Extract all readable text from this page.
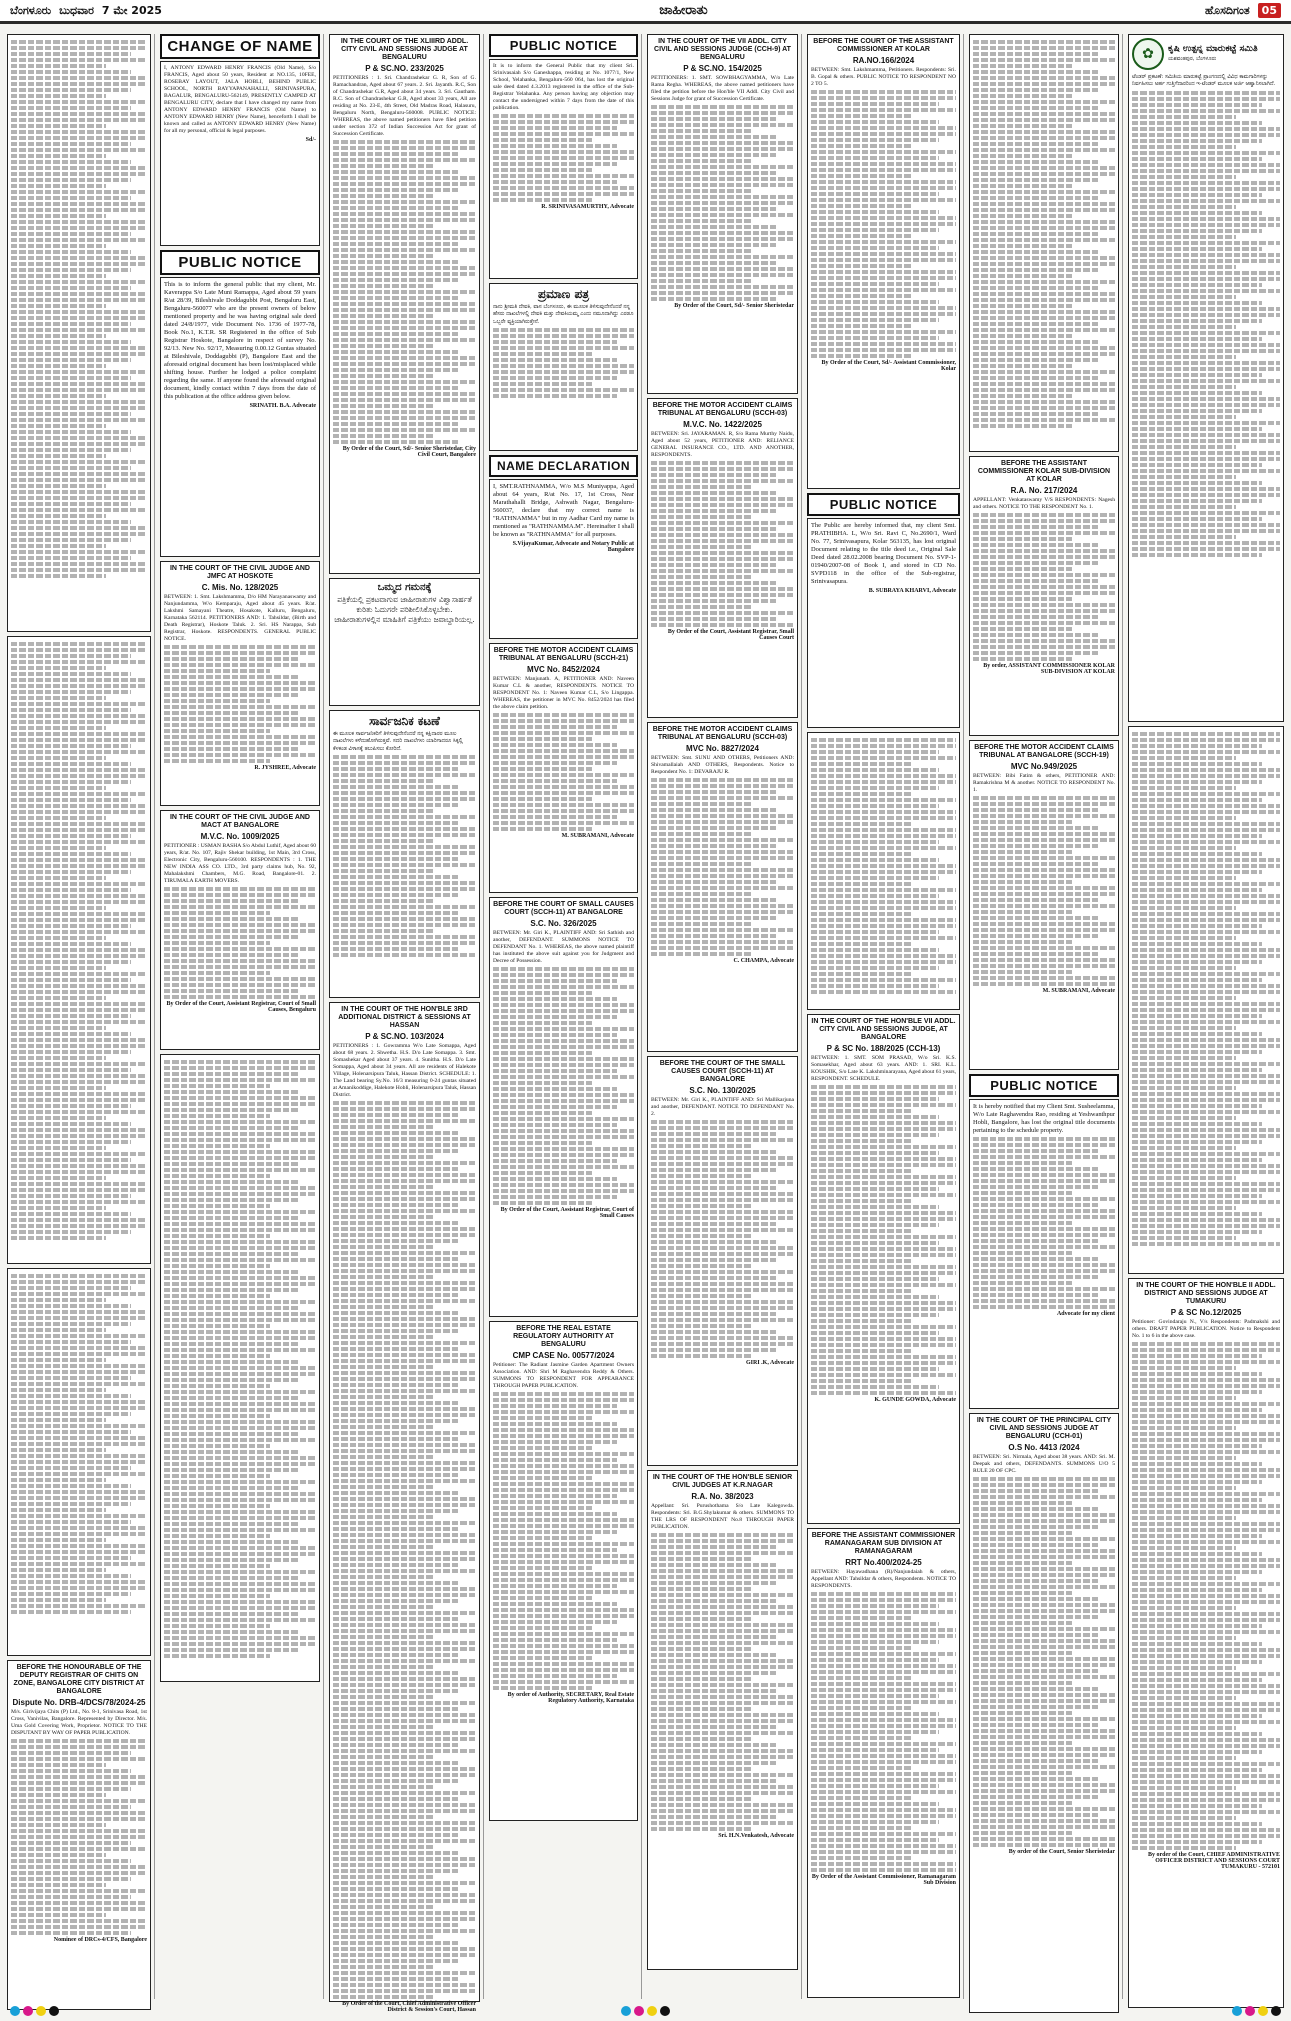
ಬೆಂಗಳೂರು ಬುಧವಾರ 7 ಮೇ 2025	ಜಾಹೀರಾತು	ಹೊಸದಿಗಂತ	05
BEFORE THE HONOURABLE OF THE DEPUTY REGISTRAR OF CHITS ON ZONE, BANGALORE CITY DISTRICT AT BANGALORE
Dispute No. DRB-4/DCS/78/2024-25

M/s. Girivijaya Chits (P) Ltd., No. 8-1, Srinivasa Road, 1st Cross, Vanivilas, Bangalore. Represented by Director. M/s. Uma Gold Covering Work, Proprietor. NOTICE TO THE DISPUTANT BY WAY OF PAPER PUBLICATION.

Nominee of DRCs-4/CFS, Bangalore
CHANGE OF NAME

I, ANTONY EDWARD HENRY FRANCIS (Old Name), S/o FRANCIS, Aged about 50 years, Resident at NO.135, 10FEE, ROSEBAY LAYOUT, JALA HOBLI, BEHIND PUBLIC SCHOOL, NORTH BAYYAPANAHALLI, SRINIVASPURA, BAGALUR, BENGALURU-562149, PRESENTLY CAMPED AT BENGALURU CITY, declare that I have changed my name from ANTONY EDWARD HENRY FRANCIS (Old Name) to ANTONY EDWARD HENRY (New Name), henceforth I shall be known and called as ANTONY EDWARD HENRY (New Name) for all my personal, official & legal purposes.

Sd/-
PUBLIC NOTICE

This is to inform the general public that my client, Mr. Kaverappa S/o Late Muni Ramappa, Aged about 59 years R/at 28/39, Bileshivale Doddagubbi Post, Bengaluru East, Bengaluru-560077 who are the present owners of below mentioned property and he was having original sale deed dated 24/8/1977, vide Document No. 1736 of 1977-78, Book No.1, K.T.R. SR Registered in the office of Sub Registrar Hoskote, Bangalore in respect of survey No. 92/13. New No. 92/17, Measuring 0.00.12 Guntas situated at Bileshivale, Doddagubbi (P), Bangalore East and the aforesaid original document has been lost/misplaced while shifting house. Further he lodged a police complaint regarding the same. If anyone found the aforesaid original document, kindly contact within 7 days from the date of this publication at the office address given below.

SRINATH. B.A. Advocate
IN THE COURT OF THE CIVIL JUDGE AND JMFC AT HOSKOTE
C. Mis. No. 128/2025

BETWEEN: 1. Smt. Lakshmamma, D/o HM Narayanaswamy and Nanjundamma, W/o Kemparaju, Aged about 45 years. R/at. Lakshmi Samayani Theatre, Hosakote, Kalluru, Bengaluru, Karnataka 562114. PETITIONERS AND: 1. Tahsildar, (Birth and Death Registrar), Hoskote Taluk. 2. Sri. HS Narappa, Sub Registrar, Hoskote. RESPONDENTS. GENERAL PUBLIC NOTICE.

R. JYSHREE, Advocate
IN THE COURT OF THE CIVIL JUDGE AND MACT AT BANGALORE
M.V.C. No. 1009/2025

PETITIONER : USMAN BASHA S/o Abdul Luthif, Aged about 60 years, R/at. No. 107, Rajiv Shekar building, 1st Main, 3rd Cross, Electronic City, Bengaluru-560100. RESPONDENTS : 1. THE NEW INDIA ASS CO. LTD., 3rd party claims hub, No. 92, Mahalakshmi Chambers, M.G. Road, Bangalore-01. 2. TIRUMALA EARTH MOVERS.

By Order of the Court, Assistant Registrar, Court of Small Causes, Bengaluru
IN THE COURT OF THE XLIIIRD ADDL. CITY CIVIL AND SESSIONS JUDGE AT BENGALURU
P & SC.NO. 233/2025

PETITIONERS : 1. Sri. Chandrashekar G. R, Son of G. Ramachandran, Aged about 67 years. 2. Sri. Jayanth. R.C, Son of Chandrashekar G.R, Aged about 34 years. 3. Sri. Gautham. R.C. Son of Chandrashekar G.R, Aged about 33 years, All are residing at No. 23-E, 4th Street, Old Madras Road, Halasuru, Bengaluru North, Bengaluru-560008. PUBLIC NOTICE: WHEREAS, the above named petitioners have filed petition under section 372 of Indian Succession Act for grant of Succession Certificate.

By Order of the Court, Sd/- Senior Sheristedar, City Civil Court, Bangalore
ಒಮ್ಮದ ಗಮನಕ್ಕೆ

ಪತ್ರಿಕೆಯಲ್ಲಿ ಪ್ರಕಟವಾಗುವ ಜಾಹೀರಾತುಗಳ ವಿಶ್ವಾಸಾರ್ಹತೆ ಕುರಿತು ಓದುಗರೇ ಪರಿಶೀಲಿಸಿಕೊಳ್ಳಬೇಕು. ಜಾಹೀರಾತುಗಳಲ್ಲಿನ ಮಾಹಿತಿಗೆ ಪತ್ರಿಕೆಯು ಜವಾಬ್ದಾರಿಯಲ್ಲ.

ಸಾರ್ವಜನಿಕ ಕಟಣೆ

ಈ ಮೂಲಕ ಸಾರ್ವಜನಿಕರಿಗೆ ತಿಳಿಸುವುದೇನೆಂದರೆ ನನ್ನ ಕಕ್ಷಿದಾರರ ಮೂಲ ದಾಖಲೆಗಳು ಕಳೆದುಹೋಗಿರುತ್ತವೆ. ಸದರಿ ದಾಖಲೆಗಳು ಯಾರಿಗಾದರೂ ಸಿಕ್ಕಲ್ಲಿ ಕೆಳಕಂಡ ವಿಳಾಸಕ್ಕೆ ತಲುಪಿಸಲು ಕೋರಿದೆ.

IN THE COURT OF THE HON'BLE 3RD ADDITIONAL DISTRICT & SESSIONS AT HASSAN
P & SC.NO. 103/2024

PETITIONERS : 1. Gowramma W/o Late Somappa, Aged about 68 years. 2. Shwetha. H.S. D/o Late Somappa. 3. Smt. Somashekar Aged about 37 years. 4. Sunitha. H.S. D/o Late Somappa, Aged about 34 years. All are residents of Halekote Village, Holenarsipura Taluk, Hassan District. SCHEDULE: 1. The Land bearing Sy.No. 16/3 measuring 0-24 guntas situated at Amanikoddige, Halekote Hobli, Holenarsipura Taluk, Hassan District.

By Order of the Court, Chief Administrative Officer District & Session's Court, Hassan
PUBLIC NOTICE

It is to inform the General Public that my client Sri. Srinivasaiah S/o Ganeshappa, residing at No. 1077/1, New School, Yelahanka, Bengaluru-560 064, has lost the original sale deed dated 4.3.2013 registered in the office of the Sub-Registrar Yelahanka. Any person having any objection may contact the undersigned within 7 days from the date of this publication.

R. SRINIVASAMURTHY, Advocate
ಪ್ರಮಾಣ ಪತ್ರ

ನಾನು ಶ್ರೀಮತಿ ದೇವಕಿ, ವಾಸ ಬೆಂಗಳೂರು, ಈ ಮೂಲಕ ತಿಳಿಸುವುದೇನೆಂದರೆ ನನ್ನ ಹೆಸರು ದಾಖಲೆಗಳಲ್ಲಿ ದೇವಕಿ ಮತ್ತು ದೇವಕಿಯಮ್ಮ ಎಂದು ನಮೂದಾಗಿದ್ದು ಎರಡೂ ಒಬ್ಬರೇ ವ್ಯಕ್ತಿಯಾಗಿರುತ್ತೇನೆ.

NAME DECLARATION

I, SMT.RATHNAMMA, W/o M.S Muniyappa, Aged about 64 years, R/at No. 17, 1st Cross, Near Marathahalli Bridge, Ashwath Nagar, Bengaluru-560037, declare that my correct name is "RATHNAMMA" but in my Aadhar Card my name is mentioned as "RATHNAMMA.M". Hereinafter I shall be known as "RATHNAMMA" for all purposes.

S.VijayaKumar, Advocate and Notary Public at Bangalore
BEFORE THE MOTOR ACCIDENT CLAIMS TRIBUNAL AT BENGALURU (SCCH-21)
MVC No. 8452/2024

BETWEEN: Manjunath. A, PETITIONER AND: Naveen Kumar C.L & another, RESPONDENTS. NOTICE TO RESPONDENT No. 1: Naveen Kumar C.L, S/o Lingappa. WHEREAS, the petitioner in MVC No. 8452/2024 has filed the above claim petition.

M. SUBRAMANI, Advocate
BEFORE THE COURT OF SMALL CAUSES COURT (SCCH-11) AT BANGALORE
S.C. No. 326/2025

BETWEEN: Mr. Giri K., PLAINTIFF AND: Sri Sathish and another, DEFENDANT. SUMMONS NOTICE TO DEFENDANT No. 1. WHEREAS, the above named plaintiff has instituted the above suit against you for Judgment and Decree of Possession.

By Order of the Court, Assistant Registrar, Court of Small Causes
BEFORE THE REAL ESTATE REGULATORY AUTHORITY AT BENGALURU
CMP CASE No. 00577/2024

Petitioner: The Radiant Jasmine Garden Apartment Owners Association. AND: Shri M Raghavendra Reddy & Others. SUMMONS TO RESPONDENT FOR APPEARANCE THROUGH PAPER PUBLICATION.

By order of Authority, SECRETARY, Real Estate Regulatory Authority, Karnataka
IN THE COURT OF THE VII ADDL. CITY CIVIL AND SESSIONS JUDGE (CCH-9) AT BENGALURU
P & SC.NO. 154/2025

PETITIONERS: 1. SMT. SOWBHAGYAMMA, W/o Late Rama Regha. WHEREAS, the above named petitioners have filed the petition before the Hon'ble VII Addl. City Civil and Sessions Judge for grant of Succession Certificate.

By Order of the Court, Sd/- Senior Sheristedar
BEFORE THE MOTOR ACCIDENT CLAIMS TRIBUNAL AT BENGALURU (SCCH-03)
M.V.C. No. 1422/2025

BETWEEN: Sri. JAYARAMAN. R, S/o Rama Murthy Naidu, Aged about 52 years, PETITIONER AND: RELIANCE GENERAL INSURANCE CO., LTD. AND ANOTHER, RESPONDENTS.

By Order of the Court, Assistant Registrar, Small Causes Court
BEFORE THE MOTOR ACCIDENT CLAIMS TRIBUNAL AT BENGALURU (SCCH-03)
MVC No. 8827/2024

BETWEEN: Smt. SUNU AND OTHERS, Petitioners AND: Shivamallaiah AND OTHERS, Respondents. Notice to Respondent No. 1: DEVARAJU R.

C. CHAMPA, Advocate
BEFORE THE COURT OF THE SMALL CAUSES COURT (SCCH-11) AT BANGALORE
S.C. No. 130/2025

BETWEEN: Mr. Giri K., PLAINTIFF AND: Sri Mallikarjuna and another, DEFENDANT. NOTICE TO DEFENDANT No. 2.

GIRI .K, Advocate
IN THE COURT OF THE HON'BLE SENIOR CIVIL JUDGES AT K.R.NAGAR
R.A. No. 38/2023

Appellant: Sri. Purushothama S/o Late Kalegowda. Respondents: Sri. B.G.Shylakumar & others. SUMMONS TO THE LRS OF RESPONDENT No.8 THROUGH PAPER PUBLICATION.

Sri. H.N.Venkatesh, Advocate
BEFORE THE COURT OF THE ASSISTANT COMMISSIONER AT KOLAR
RA.NO.166/2024

BETWEEN: Smt. Lakshmamma, Petitioners. Respondents: Sri. B. Gopal & others. PUBLIC NOTICE TO RESPONDENT NO 2 TO 5.

By Order of the Court, Sd/- Assistant Commissioner, Kolar
PUBLIC NOTICE

The Public are hereby informed that, my client Smt. PRATHIBHA. L, W/o Sri. Ravi C, No.2690/1, Ward No. 77, Srinivasapura, Kolar 563135, has lost original Document relating to the title deed i.e., Original Sale Deed dated 28.02.2008 bearing Document No. SVP-1-01940/2007-08 of Book I, and stored in CD No. SVPD118 in the office of the Sub-registrar, Srinivasapura.

B. SUBRAYA KHARVI, Advocate
IN THE COURT OF THE HON'BLE VII ADDL. CITY CIVIL AND SESSIONS JUDGE, AT BANGALORE
P & SC No. 188/2025 (CCH-13)

BETWEEN: 1. SMT. SOM PRASAD, W/o Sri. K.S. Somasekhar, Aged about 63 years. AND: 1. SRI. K.L. KOUSHIK, S/o Late K. Lakshminarayana, Aged about 61 years, RESPONDENT. SCHEDULE.

K. GUNDE GOWDA, Advocate
BEFORE THE ASSISTANT COMMISSIONER RAMANAGARAM SUB DIVISION AT RAMANAGARAM
RRT No.400/2024-25

BETWEEN: Hayawadhana (R)/Nanjundaiah & others, Appellant AND: Tahsildar & others, Respondents. NOTICE TO RESPONDENTS.

By Order of the Assistant Commissioner, Ramanagaram Sub Division
BEFORE THE ASSISTANT COMMISSIONER KOLAR SUB-DIVISION AT KOLAR
R.A. No. 217/2024

APPELLANT: Venkataswamy V/S RESPONDENTS: Nagesh and others. NOTICE TO THE RESPONDENT No. 1.

By order, ASSISTANT COMMISSIONER KOLAR SUB-DIVISION AT KOLAR
BEFORE THE MOTOR ACCIDENT CLAIMS TRIBUNAL AT BANGALORE (SCCH-19)
MVC No.949/2025

BETWEEN: Bibi Fatim & others, PETITIONER AND: Ramakrishna M & another. NOTICE TO RESPONDENT No. 1.

M. SUBRAMANI, Advocate
PUBLIC NOTICE

It is hereby notified that my Client Smt. Susheelamma, W/o Late Raghavendra Rao, residing at Yeshwanthpur Hobli, Bangalore, has lost the original title documents pertaining to the schedule property.

Advocate for my client
IN THE COURT OF THE PRINCIPAL CITY CIVIL AND SESSIONS JUDGE AT BENGALURU (CCH-01)
O.S No. 4413 /2024

BETWEEN: Sri. Nirmala, Aged about 38 years. AND: Sri. M. Deepak and others, DEFENDANTS. SUMMONS U/O 5 RULE 20 OF CPC.

By order of the Court, Senior Sheristedar
✿	ಕೃಷಿ ಉತ್ಪನ್ನ ಮಾರುಕಟ್ಟೆ ಸಮಿತಿ

ಯಶವಂತಪುರ, ಬೆಂಗಳೂರು

ಟೆಂಡರ್ ಪ್ರಕಟಣೆ: ಸಮಿತಿಯ ಮಾರುಕಟ್ಟೆ ಪ್ರಾಂಗಣದಲ್ಲಿ ವಿವಿಧ ಕಾಮಗಾರಿಗಳನ್ನು ನಿರ್ವಹಿಸಲು ಅರ್ಹ ಗುತ್ತಿಗೆದಾರರಿಂದ ಇ-ಟೆಂಡರ್ ಮೂಲಕ ಅರ್ಜಿ ಆಹ್ವಾನಿಸಲಾಗಿದೆ.

IN THE COURT OF THE HON'BLE II ADDL. DISTRICT AND SESSIONS JUDGE AT TUMAKURU
P & SC No.12/2025

Petitioner: Govindaraju N., V/s Respondents: Padmakshi and others. DRAFT PAPER PUBLICATION. Notice to Respondent No. 1 to 6 in the above case.

By order of the Court, CHIEF ADMINISTRATIVE OFFICER DISTRICT AND SESSIONS COURT TUMAKURU - 572101
